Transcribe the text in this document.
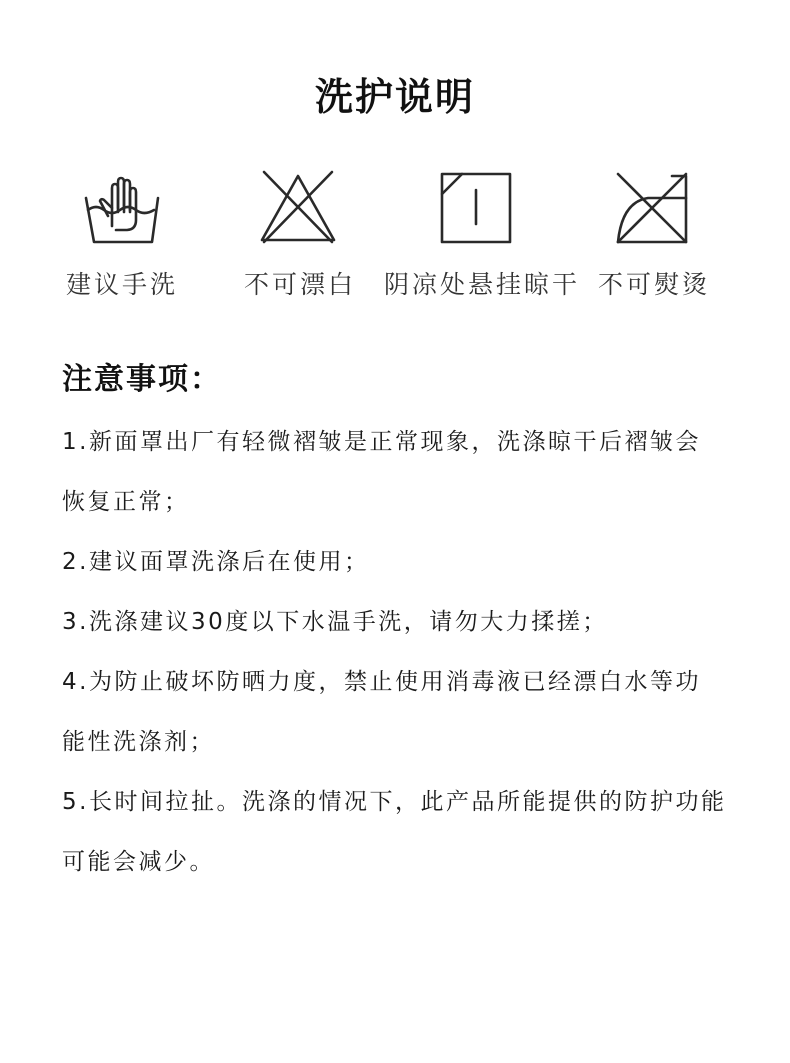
洗护说明
建议手洗	不可漂白 阴凉处悬挂晾干 不可熨烫
注意事项：
1.新面罩出厂有轻微褶皱是正常现象，洗涤晾干后褶皱会
恢复正常；
2.建议面罩洗涤后在使用；
3.洗涤建议30度以下水温手洗，请勿大力揉搓；
4.为防止破坏防晒力度，禁止使用消毒液已经漂白水等功
能性洗涤剂；
5.长时间拉扯。洗涤的情况下，此产品所能提供的防护功能
可能会减少。
